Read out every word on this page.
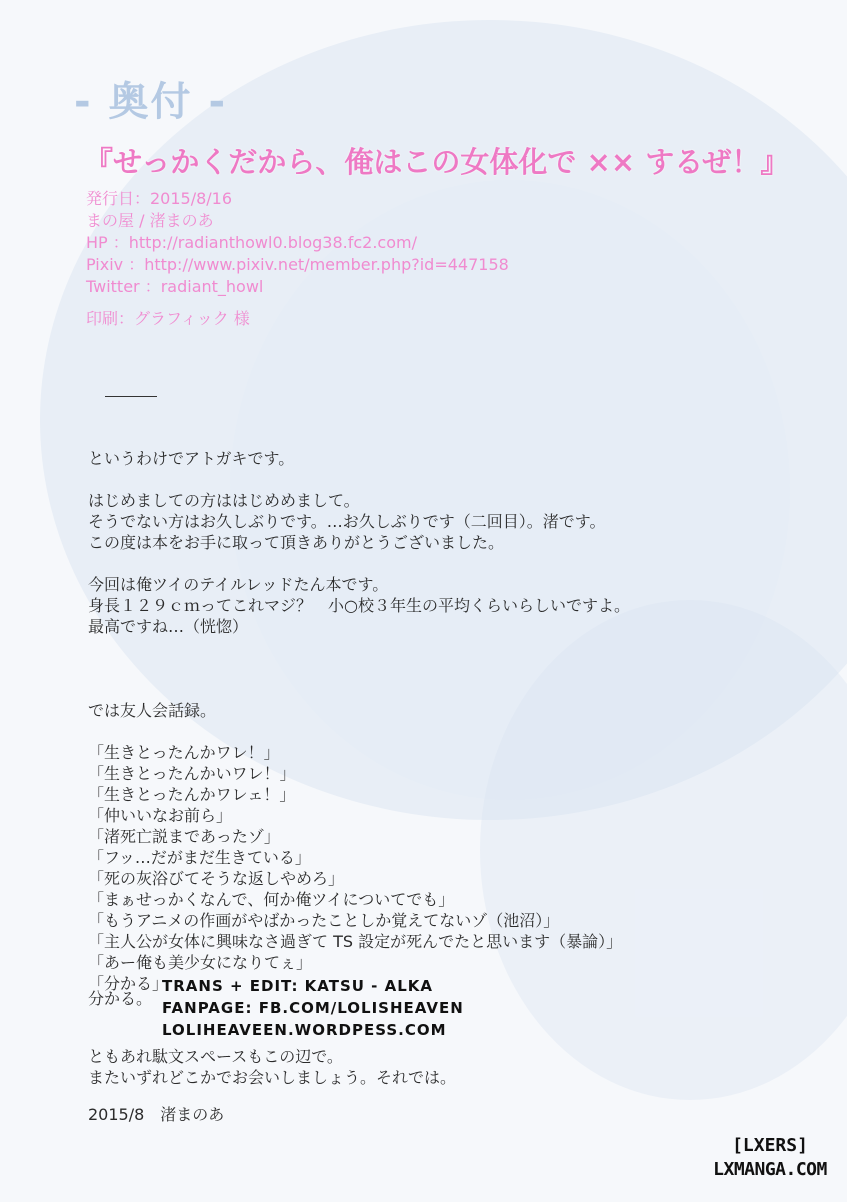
- 奥付 -
『せっかくだから、俺はこの女体化で ×× するぜ！』
発行日：2015/8/16
まの屋 / 渚まのあ
HP ：http://radianthowl0.blog38.fc2.com/
Pixiv ：http://www.pixiv.net/member.php?id=447158
Twitter ：radiant_howl
印刷：グラフィック 様
というわけでアトガキです。
はじめましての方ははじめめまして。
そうでない方はお久しぶりです。…お久しぶりです（二回目）。渚です。
この度は本をお手に取って頂きありがとうございました。
今回は俺ツイのテイルレッドたん本です。
身長１２９ｃｍってこれマジ？　小○校３年生の平均くらいらしいですよ。
最高ですね…（恍惚）
では友人会話録。
「生きとったんかワレ！」
「生きとったんかいワレ！」
「生きとったんかワレェ！」
「仲いいなお前ら」
「渚死亡説まであったゾ」
「フッ…だがまだ生きている」
「死の灰浴びてそうな返しやめろ」
「まぁせっかくなんで、何か俺ツイについてでも」
「もうアニメの作画がやばかったことしか覚えてないゾ（池沼）」
「主人公が女体に興味なさ過ぎて TS 設定が死んでたと思います（暴論）」
「あー俺も美少女になりてぇ」
「分かる」
分かる。
TRANS + EDIT: KATSU - ALKA
FANPAGE: FB.COM/LOLISHEAVEN
LOLIHEAVEEN.WORDPESS.COM
ともあれ駄文スペースもこの辺で。
またいずれどこかでお会いしましょう。それでは。
2015/8　渚まのあ
[LXERS]
LXMANGA.COM
